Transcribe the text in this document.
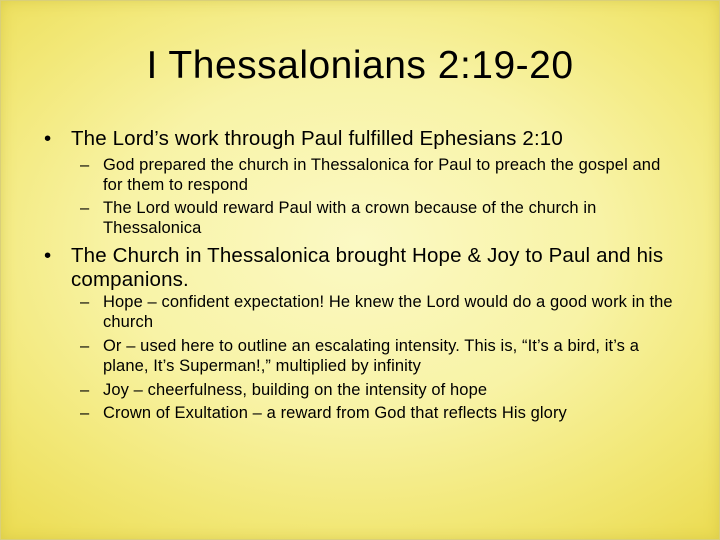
I Thessalonians 2:19-20
• The Lord’s work through Paul fulfilled Ephesians 2:10
– God prepared the church in Thessalonica for Paul to preach the gospel and for them to respond
– The Lord would reward Paul with a crown because of the church in Thessalonica
• The Church in Thessalonica brought Hope & Joy to Paul and his companions.
– Hope – confident expectation! He knew the Lord would do a good work in the church
– Or – used here to outline an escalating intensity. This is, “It’s a bird, it’s a plane, It’s Superman!,” multiplied by infinity
– Joy – cheerfulness, building on the intensity of hope
– Crown of Exultation – a reward from God that reflects His glory
